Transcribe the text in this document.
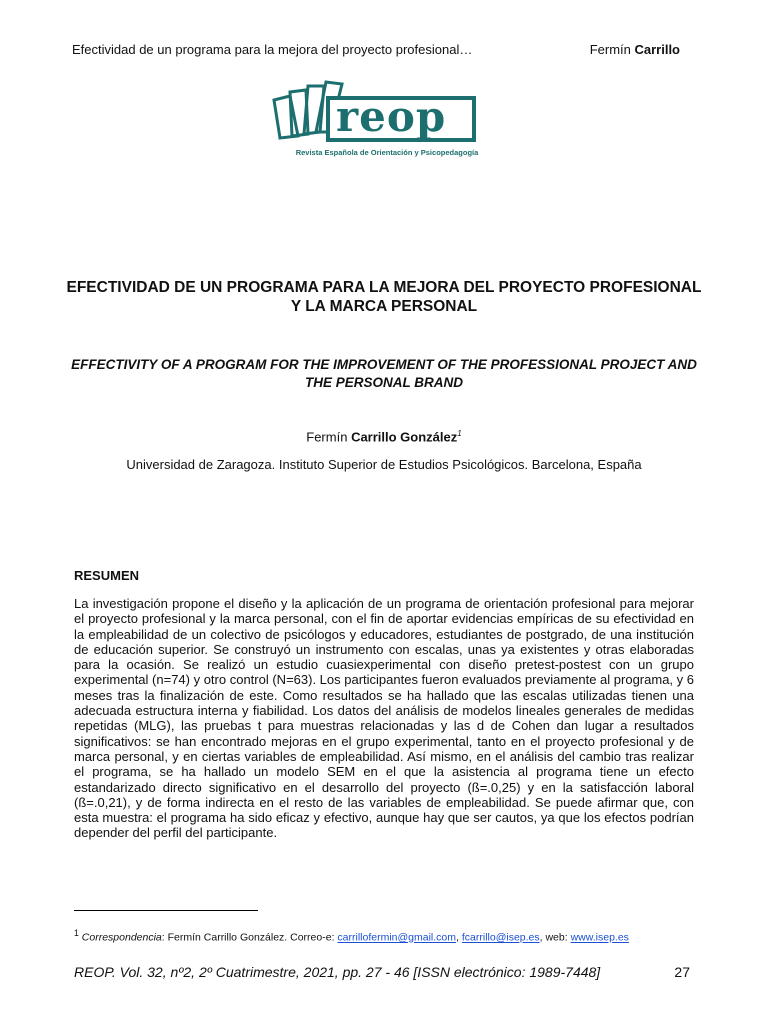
Efectividad de un programa para la mejora del proyecto profesional…	Fermín Carrillo
reop
Revista Española de Orientación y Psicopedagogía
EFECTIVIDAD DE UN PROGRAMA PARA LA MEJORA DEL PROYECTO PROFESIONAL Y LA MARCA PERSONAL
EFFECTIVITY OF A PROGRAM FOR THE IMPROVEMENT OF THE PROFESSIONAL PROJECT AND THE PERSONAL BRAND
Fermín Carrillo González$^1$
Universidad de Zaragoza. Instituto Superior de Estudios Psicológicos. Barcelona, España
RESUMEN
La investigación propone el diseño y la aplicación de un programa de orientación profesional para mejorar el proyecto profesional y la marca personal, con el fin de aportar evidencias empíricas de su efectividad en la empleabilidad de un colectivo de psicólogos y educadores, estudiantes de postgrado, de una institución de educación superior. Se construyó un instrumento con escalas, unas ya existentes y otras elaboradas para la ocasión. Se realizó un estudio cuasiexperimental con diseño pretest-postest con un grupo experimental (n=74) y otro control (N=63). Los participantes fueron evaluados previamente al programa, y 6 meses tras la finalización de este. Como resultados se ha hallado que las escalas utilizadas tienen una adecuada estructura interna y fiabilidad. Los datos del análisis de modelos lineales generales de medidas repetidas (MLG), las pruebas t para muestras relacionadas y las d de Cohen dan lugar a resultados significativos: se han encontrado mejoras en el grupo experimental, tanto en el proyecto profesional y de marca personal, y en ciertas variables de empleabilidad. Así mismo, en el análisis del cambio tras realizar el programa, se ha hallado un modelo SEM en el que la asistencia al programa tiene un efecto estandarizado directo significativo en el desarrollo del proyecto (ß=.0,25) y en la satisfacción laboral (ß=.0,21), y de forma indirecta en el resto de las variables de empleabilidad. Se puede afirmar que, con esta muestra: el programa ha sido eficaz y efectivo, aunque hay que ser cautos, ya que los efectos podrían depender del perfil del participante.
$^1$ Correspondencia: Fermín Carrillo González. Correo-e: carrillofermin@gmail.com, fcarrillo@isep.es, web: www.isep.es
REOP. Vol. 32, nº2, 2º Cuatrimestre, 2021, pp. 27 - 46 [ISSN electrónico: 1989-7448]	27
